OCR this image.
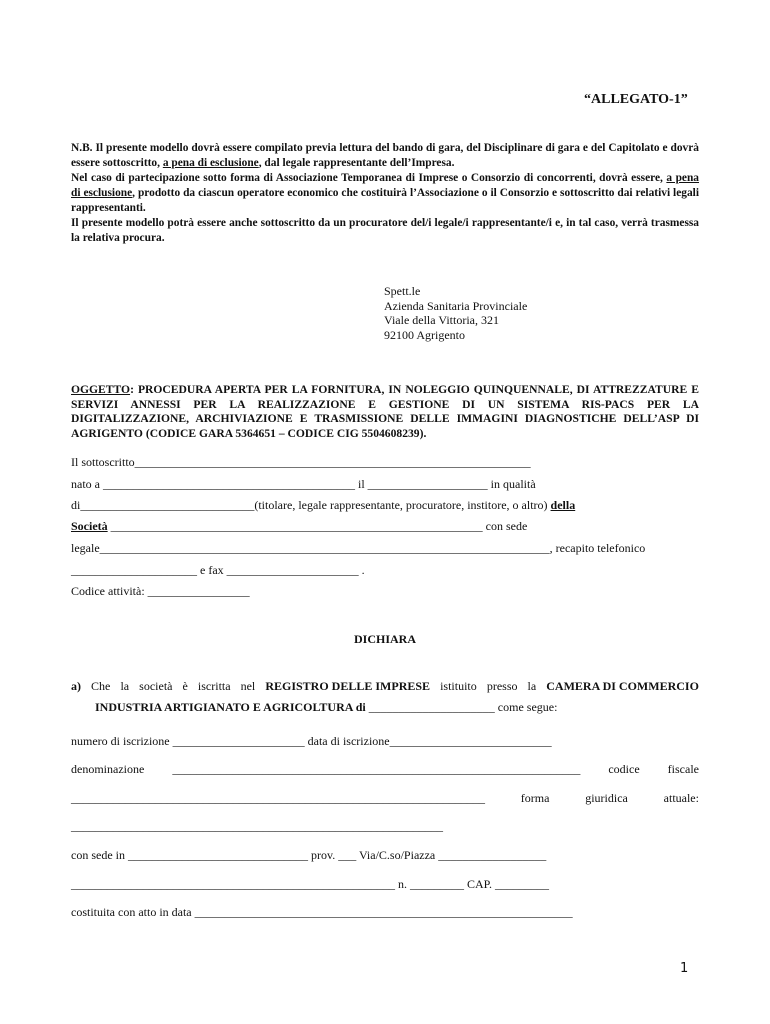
“ALLEGATO-1”

N.B. Il presente modello dovrà essere compilato previa lettura del bando di gara, del Disciplinare di gara e del Capitolato e dovrà essere sottoscritto, a pena di esclusione, dal legale rappresentante dell’Impresa.

Nel caso di partecipazione sotto forma di Associazione Temporanea di Imprese o Consorzio di concorrenti, dovrà essere, a pena di esclusione, prodotto da ciascun operatore economico che costituirà l’Associazione o il Consorzio e sottoscritto dai relativi legali rappresentanti.

Il presente modello potrà essere anche sottoscritto da un procuratore del/i legale/i rappresentante/i e, in tal caso, verrà trasmessa la relativa procura.

Spett.le
Azienda Sanitaria Provinciale
Viale della Vittoria, 321
92100 Agrigento
OGGETTO: PROCEDURA APERTA PER LA FORNITURA, IN NOLEGGIO QUINQUENNALE, DI ATTREZZATURE E SERVIZI ANNESSI PER LA REALIZZAZIONE E GESTIONE DI UN SISTEMA RIS-PACS PER LA DIGITALIZZAZIONE, ARCHIVIAZIONE E TRASMISSIONE DELLE IMMAGINI DIAGNOSTICHE DELL’ASP DI AGRIGENTO (CODICE GARA 5364651 – CODICE CIG 5504608239).
Il sottoscritto__________________________________________________________________
nato a __________________________________________ il ____________________ in qualità
di_____________________________(titolare, legale rappresentante, procuratore, institore, o altro) della
Società ______________________________________________________________ con sede
legale___________________________________________________________________________, recapito telefonico
_____________________ e fax ______________________ .
Codice attività: _________________
DICHIARA
a) Che la società è iscritta nel REGISTRO DELLE IMPRESE istituito presso la CAMERA DI COMMERCIO
INDUSTRIA ARTIGIANATO E AGRICOLTURA di _____________________ come segue:
numero di iscrizione ______________________ data di iscrizione___________________________
denominazione ____________________________________________________________________ codice fiscale
_____________________________________________________________________	forma	giuridica	attuale:
______________________________________________________________
con sede in ______________________________ prov. ___ Via/C.so/Piazza __________________
______________________________________________________ n. _________ CAP. _________
costituita con atto in data _______________________________________________________________
1
